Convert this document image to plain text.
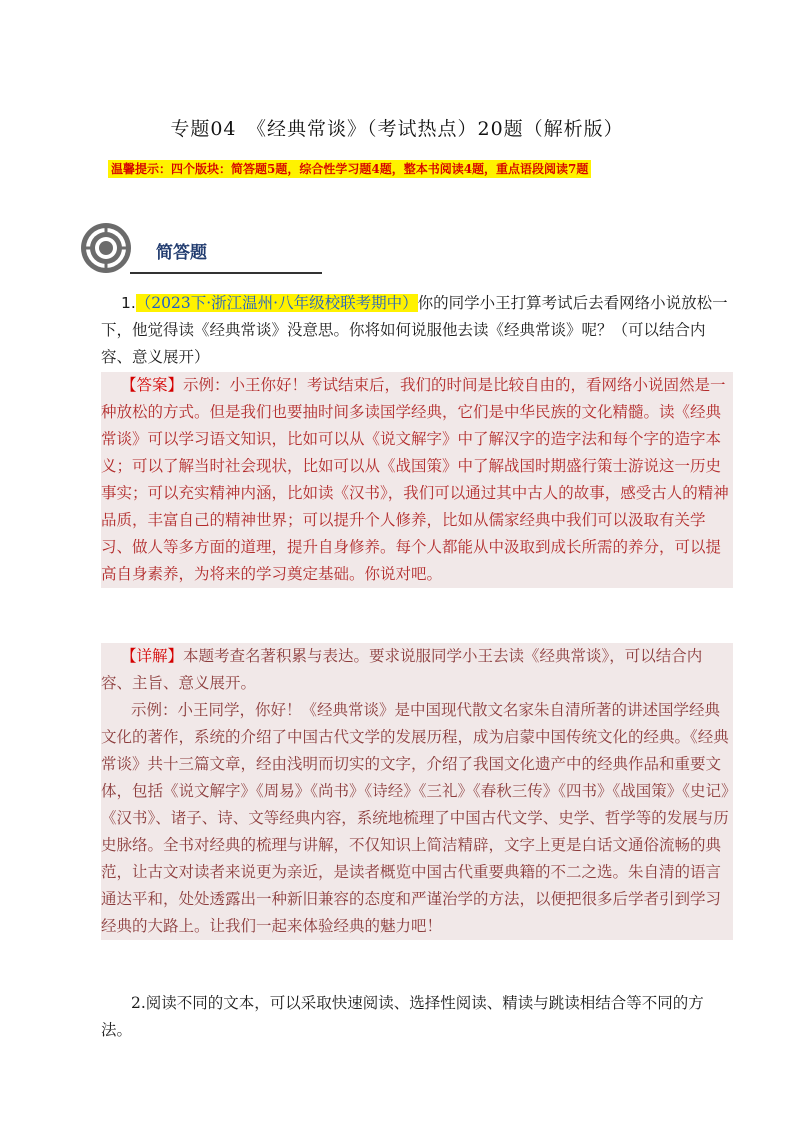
专题04　《经典常谈》（考试热点）20题（解析版）
温馨提示：四个版块：简答题5题，综合性学习题4题，整本书阅读4题，重点语段阅读7题
简答题
1.（2023下·浙江温州·八年级校联考期中）你的同学小王打算考试后去看网络小说放松一下，他觉得读《经典常谈》没意思。你将如何说服他去读《经典常谈》呢？（可以结合内容、意义展开）

【答案】示例：小王你好！考试结束后，我们的时间是比较自由的，看网络小说固然是一种放松的方式。但是我们也要抽时间多读国学经典，它们是中华民族的文化精髓。读《经典常谈》可以学习语文知识，比如可以从《说文解字》中了解汉字的造字法和每个字的造字本义；可以了解当时社会现状，比如可以从《战国策》中了解战国时期盛行策士游说这一历史事实；可以充实精神内涵，比如读《汉书》，我们可以通过其中古人的故事，感受古人的精神品质，丰富自己的精神世界；可以提升个人修养，比如从儒家经典中我们可以汲取有关学习、做人等多方面的道理，提升自身修养。每个人都能从中汲取到成长所需的养分，可以提高自身素养，为将来的学习奠定基础。你说对吧。

【详解】本题考查名著积累与表达。要求说服同学小王去读《经典常谈》，可以结合内容、主旨、意义展开。

示例：小王同学，你好！《经典常谈》是中国现代散文名家朱自清所著的讲述国学经典文化的著作，系统的介绍了中国古代文学的发展历程，成为启蒙中国传统文化的经典。《经典常谈》共十三篇文章，经由浅明而切实的文字，介绍了我国文化遗产中的经典作品和重要文体，包括《说文解字》《周易》《尚书》《诗经》《三礼》《春秋三传》《四书》《战国策》《史记》《汉书》、诸子、诗、文等经典内容，系统地梳理了中国古代文学、史学、哲学等的发展与历史脉络。全书对经典的梳理与讲解，不仅知识上简洁精辟，文字上更是白话文通俗流畅的典范，让古文对读者来说更为亲近，是读者概览中国古代重要典籍的不二之选。朱自清的语言通达平和，处处透露出一种新旧兼容的态度和严谨治学的方法，以便把很多后学者引到学习经典的大路上。让我们一起来体验经典的魅力吧！

2.阅读不同的文本，可以采取快速阅读、选择性阅读、精读与跳读相结合等不同的方法。
